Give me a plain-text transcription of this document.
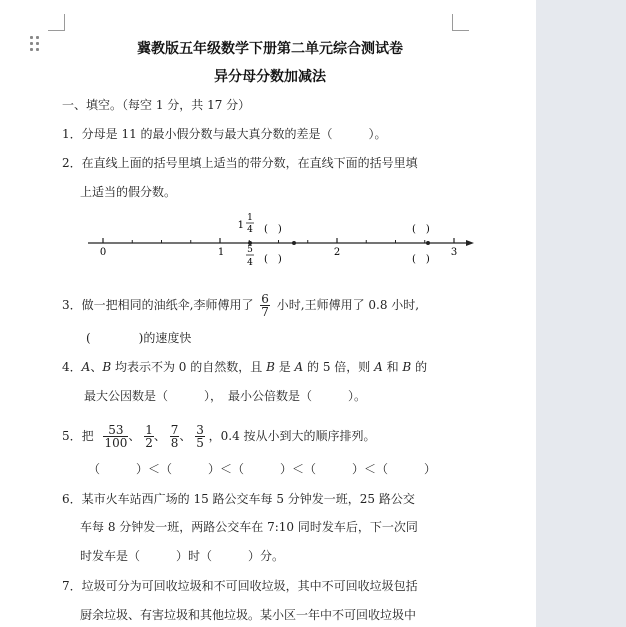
冀教版五年级数学下册第二单元综合测试卷
异分母分数加减法
一、填空。（每空 1 分，共 17 分）
1．分母是 11 的最小假分数与最大真分数的差是（　　　）。
2．在直线上面的括号里填上适当的带分数，在直线下面的括号里填
上适当的假分数。
0	1	2	3
1
1
4
5
4
(　)
(　)
(　)
(　)
3．做一把相同的油纸伞,李师傅用了 $\frac{6}{7}$ 小时,王师傅用了 0.8 小时,
(　　　　)的速度快
4．A、B 均表示不为 0 的自然数，且 B 是 A 的 5 倍，则 A 和 B 的
最大公因数是（　　　），　最小公倍数是（　　　）。
5．把 $\frac{53}{100}$ 、 $\frac{1}{2}$ 、 $\frac{7}{8}$ 、 $\frac{3}{5}$ ，0.4 按从小到大的顺序排列。
（　　　）＜（　　　）＜（　　　）＜（　　　）＜（　　　）
6．某市火车站西广场的 15 路公交车每 5 分钟发一班，25 路公交
车每 8 分钟发一班，两路公交车在 7:10 同时发车后，下一次同
时发车是（　　　）时（　　　）分。
7．垃圾可分为可回收垃圾和不可回收垃圾，其中不可回收垃圾包括
厨余垃圾、有害垃圾和其他垃圾。某小区一年中不可回收垃圾中
